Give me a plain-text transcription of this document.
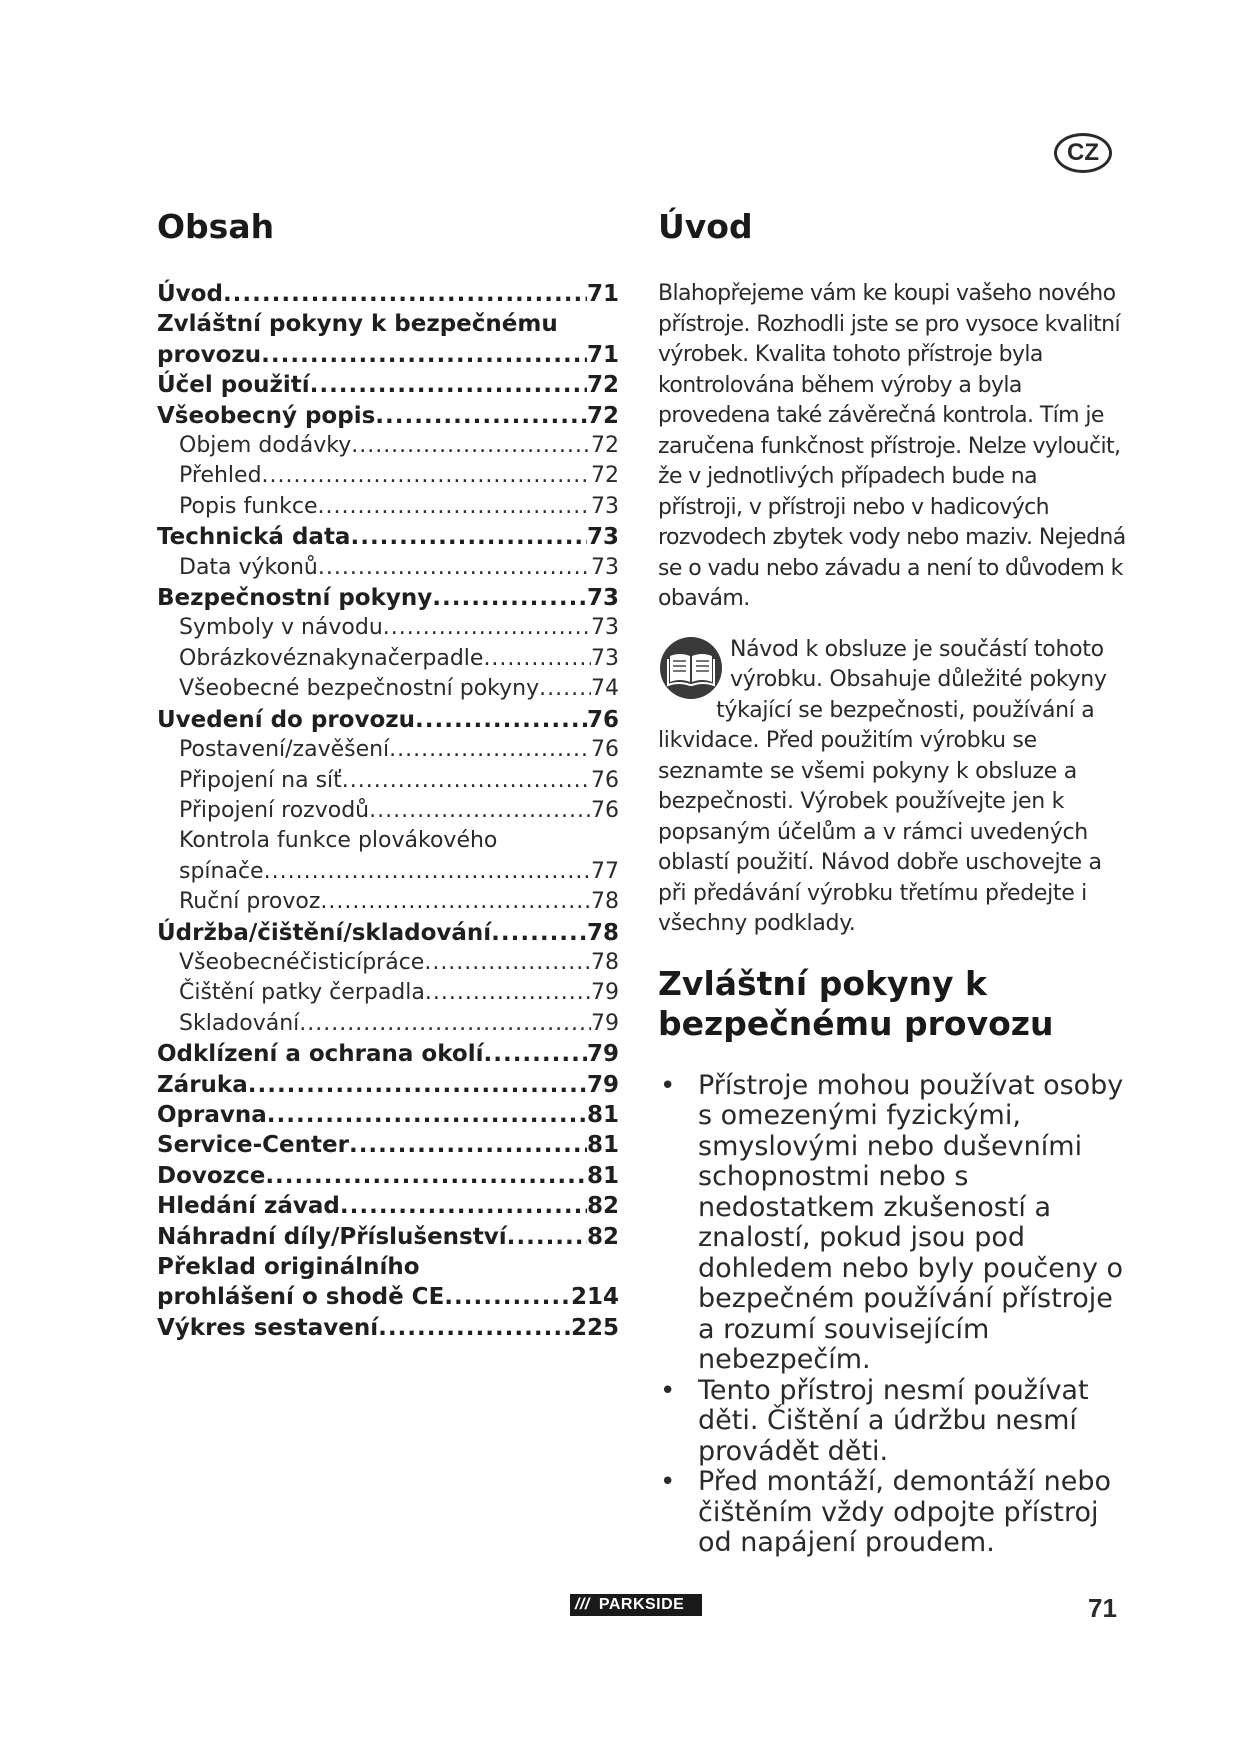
CZ
Obsah
Úvod .....	71
Zvláštní pokyny k bezpečnému
provozu .....	71
Účel použití .....	72
Všeobecný popis .....	72
Objem dodávky .....	72
Přehled .....	72
Popis funkce .....	73
Technická data .....	73
Data výkonů .....	73
Bezpečnostní pokyny .....	73
Symboly v návodu .....	73
Obrázkovéznakynačerpadle .....	73
Všeobecné bezpečnostní pokyny ..... 74
Uvedení do provozu .....	76
Postavení/zavěšení .....	76
Připojení na síť .....	76
Připojení rozvodů .....	76
Kontrola funkce plovákového
spínače .....	77
Ruční provoz .....	78
Údržba/čištění/skladování .....	78
Všeobecnéčisticípráce .....	78
Čištění patky čerpadla .....	79
Skladování .....	79
Odklízení a ochrana okolí .....	79
Záruka .....	79
Opravna .....	81
Service-Center .....	81
Dovozce .....	81
Hledání závad .....	82
Náhradní díly/Příslušenství .....	82
Překlad originálního
prohlášení o shodě CE .....	214
Výkres sestavení .....	225
Úvod

Blahopřejeme vám ke koupi vašeho nového přístroje. Rozhodli jste se pro vysoce kvalitní výrobek. Kvalita tohoto přístroje byla kontrolována během výroby a byla provedena také závěrečná kontrola. Tím je zaručena funkčnost přístroje. Nelze vyloučit, že v jednotlivých případech bude na přístroji, v přístroji nebo v hadicových rozvodech zbytek vody nebo maziv. Nejedná se o vadu nebo závadu a není to důvodem k obavám.

Návod k obsluze je součástí tohoto výrobku. Obsahuje důležité pokyny týkající se bezpečnosti, používání a likvidace. Před použitím výrobku se seznamte se všemi pokyny k obsluze a bezpečnosti. Výrobek používejte jen k popsaným účelům a v rámci uvedených oblastí použití. Návod dobře uschovejte a při předávání výrobku třetímu předejte i všechny podklady.
Zvláštní pokyny k bezpečnému provozu
• Přístroje mohou používat osoby s omezenými fyzickými, smyslovými nebo duševními schopnostmi nebo s nedostatkem zkušeností a znalostí, pokud jsou pod dohledem nebo byly poučeny o bezpečném používání přístroje a rozumí souvisejícím nebezpečím.
• Tento přístroj nesmí používat děti. Čištění a údržbu nesmí provádět děti.
• Před montáží, demontáží nebo čištěním vždy odpojte přístroj od napájení proudem.
/// PARKSIDE	71
